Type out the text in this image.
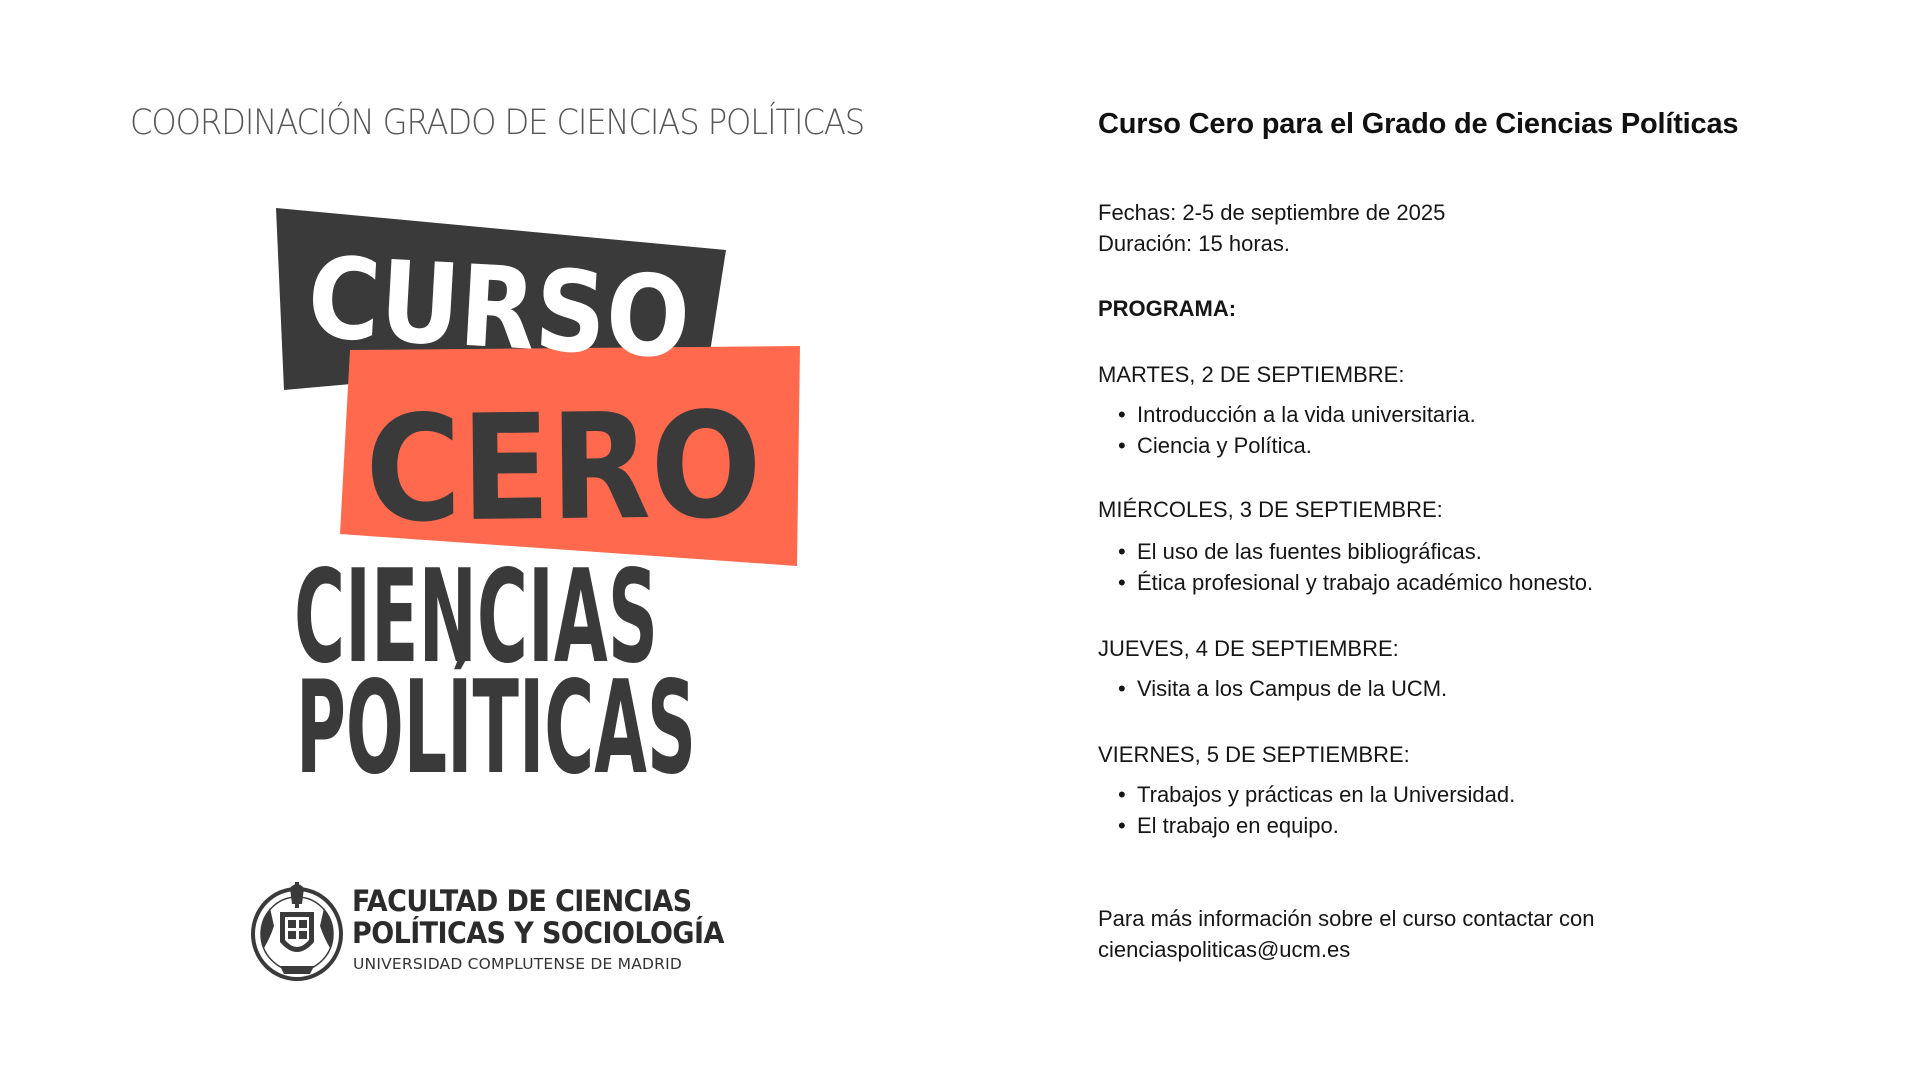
COORDINACIÓN GRADO DE CIENCIAS POLÍTICAS
CURSO
CERO
CIENCIAS
POLÍTICAS
FACULTAD DE CIENCIAS
POLÍTICAS Y SOCIOLOGÍA
UNIVERSIDAD COMPLUTENSE DE MADRID
Curso Cero para el Grado de Ciencias Políticas
Fechas: 2-5 de septiembre de 2025
Duración: 15 horas.
PROGRAMA:
MARTES, 2 DE SEPTIEMBRE:
• Introducción a la vida universitaria.
• Ciencia y Política.
MIÉRCOLES, 3 DE SEPTIEMBRE:
• El uso de las fuentes bibliográficas.
• Ética profesional y trabajo académico honesto.
JUEVES, 4 DE SEPTIEMBRE:
• Visita a los Campus de la UCM.
VIERNES, 5 DE SEPTIEMBRE:
• Trabajos y prácticas en la Universidad.
• El trabajo en equipo.
Para más información sobre el curso contactar con
cienciaspoliticas@ucm.es
